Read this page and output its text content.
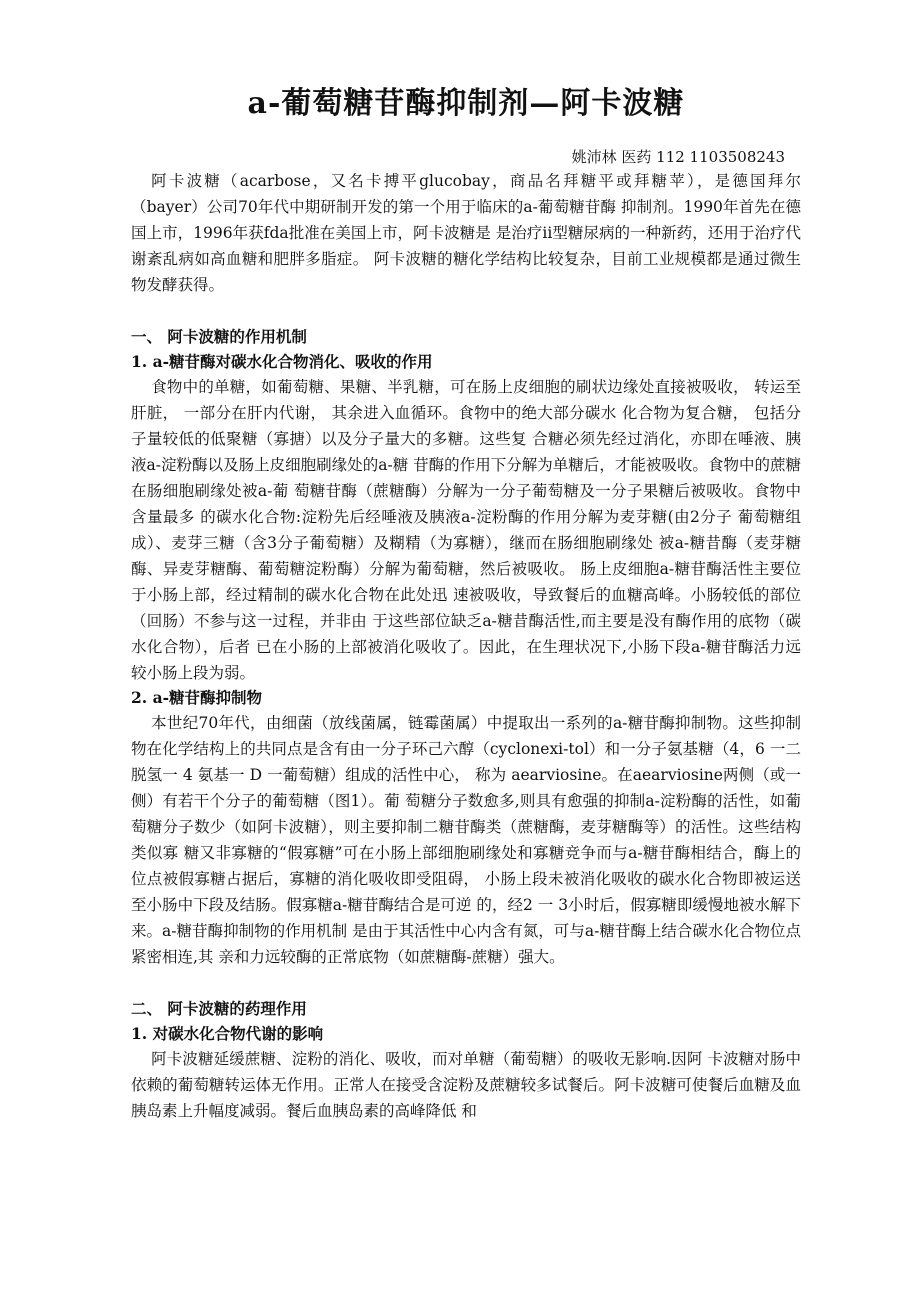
a-葡萄糖苷酶抑制剂—阿卡波糖

姚沛林 医药 112 1103508243

阿卡波糖（acarbose，又名卡搏平glucobay，商品名拜糖平或拜糖苹），是德国拜尔（bayer）公司70年代中期研制开发的第一个用于临床的a-葡萄糖苷酶 抑制剂。1990年首先在德国上市，1996年获fda批准在美国上市，阿卡波糖是 是治疗ii型糖尿病的一种新药，还用于治疗代谢紊乱病如高血糖和肥胖多脂症。 阿卡波糖的糖化学结构比较复杂，目前工业规模都是通过微生物发酵获得。

一、 阿卡波糖的作用机制

1. a-糖苷酶对碳水化合物消化、吸收的作用

食物中的单糖，如葡萄糖、果糖、半乳糖，可在肠上皮细胞的刷状边缘处直接被吸收， 转运至肝脏， 一部分在肝内代谢， 其余进入血循环。食物中的绝大部分碳水 化合物为复合糖， 包括分子量较低的低聚糖（寡搪）以及分子量大的多糖。这些复 合糖必须先经过消化，亦即在唾液、胰液a-淀粉酶以及肠上皮细胞刷缘处的a-糖 苷酶的作用下分解为单糖后，才能被吸收。食物中的蔗糖在肠细胞刷缘处被a-葡 萄糖苷酶（蔗糖酶）分解为一分子葡萄糖及一分子果糖后被吸收。食物中含量最多 的碳水化合物:淀粉先后经唾液及胰液a-淀粉酶的作用分解为麦芽糖(由2分子 葡萄糖组成）、麦芽三糖（含3分子葡萄糖）及糊精（为寡糖），继而在肠细胞刷缘处 被a-糖昔酶（麦芽糖酶、异麦芽糖酶、葡萄糖淀粉酶）分解为葡萄糖，然后被吸收。 肠上皮细胞a-糖苷酶活性主要位于小肠上部，经过精制的碳水化合物在此处迅 速被吸收，导致餐后的血糖高峰。小肠较低的部位（回肠）不参与这一过程，并非由 于这些部位缺乏a-糖昔酶活性,而主要是没有酶作用的底物（碳水化合物），后者 已在小肠的上部被消化吸收了。因此，在生理状况下,小肠下段a-糖苷酶活力远 较小肠上段为弱。

2. a-糖苷酶抑制物

本世纪70年代，由细菌（放线菌属，链霉菌属）中提取出一系列的a-糖苷酶抑制物。这些抑制物在化学结构上的共同点是含有由一分子环己六醇（cyclonexi-tol）和一分子氨基糖（4，6 一二脱氢一 4 氨基一 D 一葡萄糖）组成的活性中心， 称为 aearviosine。在aearviosine两侧（或一侧）有若干个分子的葡萄糖（图1）。葡 萄糖分子数愈多,则具有愈强的抑制a-淀粉酶的活性，如葡萄糖分子数少（如阿卡波糖），则主要抑制二糖苷酶类（蔗糖酶，麦芽糖酶等）的活性。这些结构类似寡 糖又非寡糖的“假寡糖”可在小肠上部细胞刷缘处和寡糖竞争而与a-糖苷酶相结合，酶上的位点被假寡糖占据后，寡糖的消化吸收即受阻碍， 小肠上段未被消化吸收的碳水化合物即被运送至小肠中下段及结肠。假寡糖a-糖苷酶结合是可逆 的，经2 一 3小时后，假寡糖即缓慢地被水解下来。a-糖苷酶抑制物的作用机制 是由于其活性中心内含有氮，可与a-糖苷酶上结合碳水化合物位点紧密相连,其 亲和力远较酶的正常底物（如蔗糖酶-蔗糖）强大。

二、 阿卡波糖的药理作用

1. 对碳水化合物代谢的影响

阿卡波糖延缓蔗糖、淀粉的消化、吸收，而对单糖（葡萄糖）的吸收无影响.因阿 卡波糖对肠中依赖的葡萄糖转运体无作用。正常人在接受含淀粉及蔗糖较多试餐后。阿卡波糖可使餐后血糖及血胰岛素上升幅度减弱。餐后血胰岛素的高峰降低 和
